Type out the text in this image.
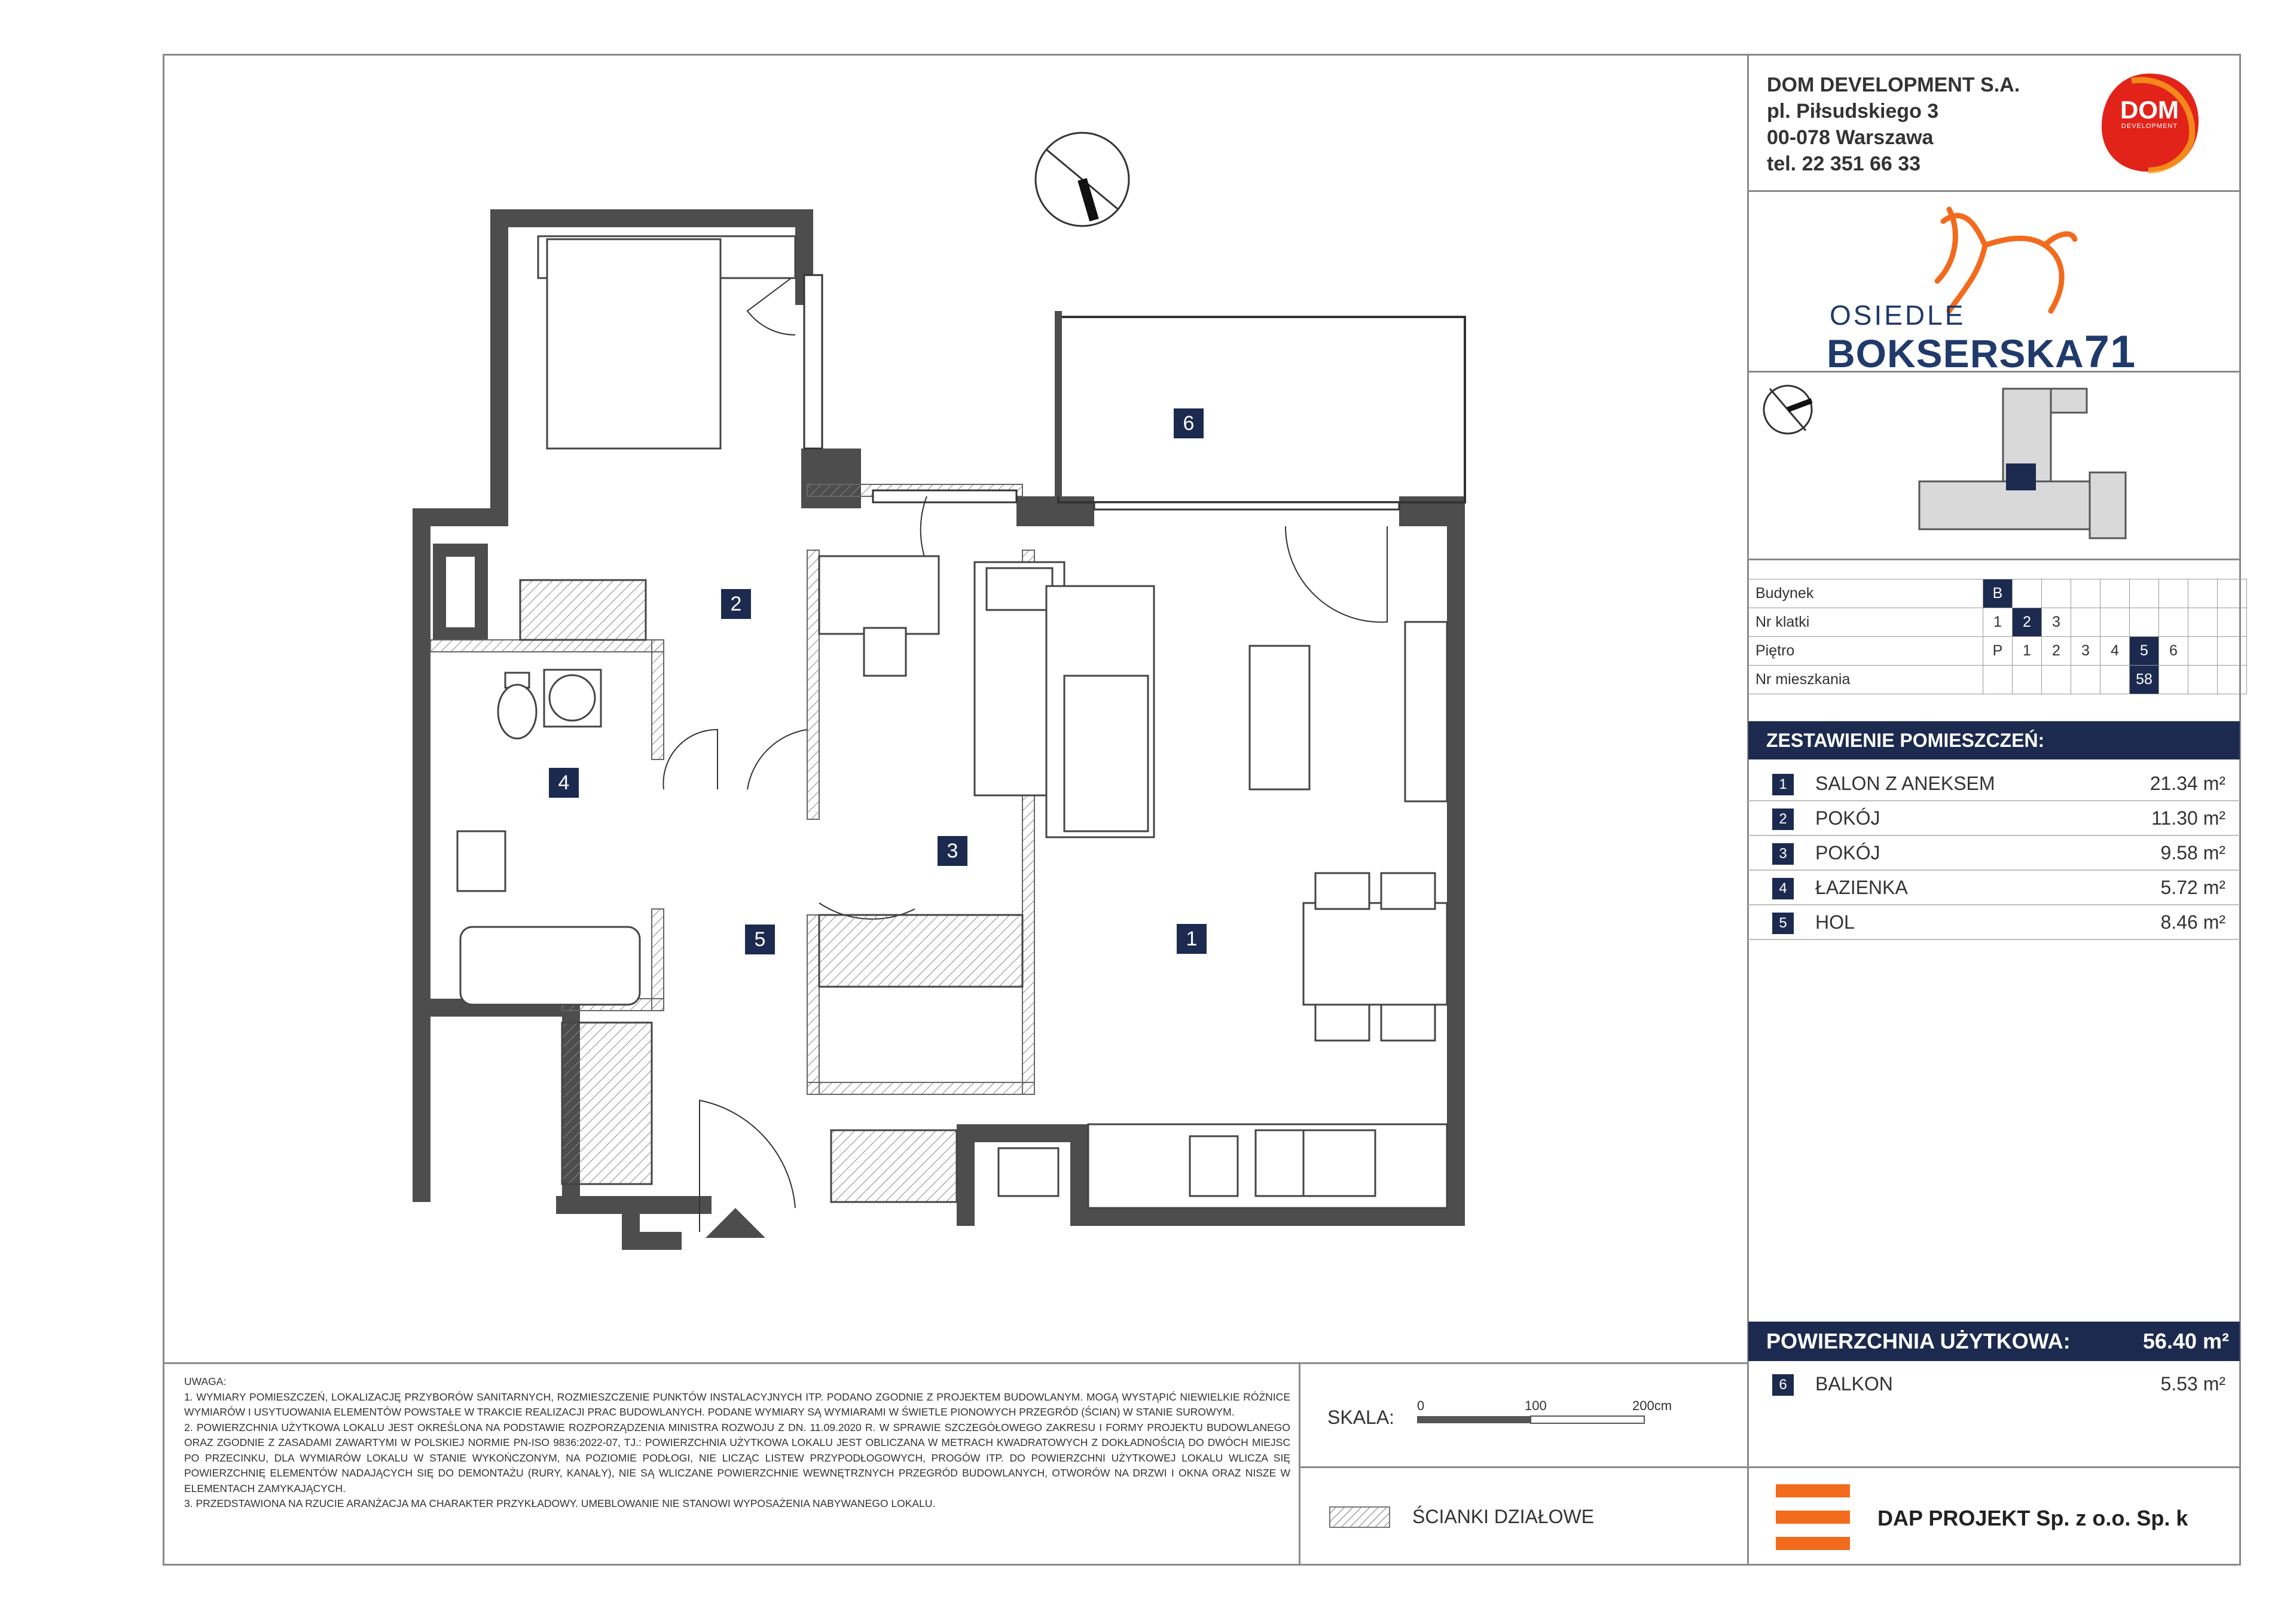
DOM DEVELOPMENT S.A.
pl. Piłsudskiego 3
00-078 Warszawa
tel. 22 351 66 33
DOM
DEVELOPMENT
OSIEDLE
BOKSERSKA71
Budynek	B								
Nr klatki	1	2	3						
Piętro	P	1	2	3	4	5	6		
Nr mieszkania						58			
ZESTAWIENIE POMIESZCZEŃ:
1	SALON Z ANEKSEM	21.34 m²
2	POKÓJ	11.30 m²
3	POKÓJ	9.58 m²
4	ŁAZIENKA	5.72 m²
5	HOL	8.46 m²
POWIERZCHNIA UŻYTKOWA:	56.40 m²
6	BALKON	5.53 m²
UWAGA:
1. WYMIARY POMIESZCZEŃ, LOKALIZACJĘ PRZYBORÓW SANITARNYCH, ROZMIESZCZENIE PUNKTÓW INSTALACYJNYCH ITP. PODANO ZGODNIE Z PROJEKTEM BUDOWLANYM. MOGĄ WYSTĄPIĆ NIEWIELKIE RÓŻNICE WYMIARÓW I USYTUOWANIA ELEMENTÓW POWSTAŁE W TRAKCIE REALIZACJI PRAC BUDOWLANYCH. PODANE WYMIARY SĄ WYMIARAMI W ŚWIETLE PIONOWYCH PRZEGRÓD (ŚCIAN) W STANIE SUROWYM.
2. POWIERZCHNIA UŻYTKOWA LOKALU JEST OKREŚLONA NA PODSTAWIE ROZPORZĄDZENIA MINISTRA ROZWOJU Z DN. 11.09.2020 R. W SPRAWIE SZCZEGÓŁOWEGO ZAKRESU I FORMY PROJEKTU BUDOWLANEGO ORAZ ZGODNIE Z ZASADAMI ZAWARTYMI W POLSKIEJ NORMIE PN-ISO 9836:2022-07, TJ.: POWIERZCHNIA UŻYTKOWA LOKALU JEST OBLICZANA W METRACH KWADRATOWYCH Z DOKŁADNOŚCIĄ DO DWÓCH MIEJSC PO PRZECINKU, DLA WYMIARÓW LOKALU W STANIE WYKOŃCZONYM, NA POZIOMIE PODŁOGI, NIE LICZĄC LISTEW PRZYPODŁOGOWYCH, PROGÓW ITP. DO POWIERZCHNI UŻYTKOWEJ LOKALU WLICZA SIĘ POWIERZCHNIĘ ELEMENTÓW NADAJĄCYCH SIĘ DO DEMONTAŻU (RURY, KANAŁY), NIE SĄ WLICZANE POWIERZCHNIE WEWNĘTRZNYCH PRZEGRÓD BUDOWLANYCH, OTWORÓW NA DRZWI I OKNA ORAZ NISZE W ELEMENTACH ZAMYKAJĄCYCH.
3. PRZEDSTAWIONA NA RZUCIE ARANŻACJA MA CHARAKTER PRZYKŁADOWY. UMEBLOWANIE NIE STANOWI WYPOSAŻENIA NABYWANEGO LOKALU.
SKALA:
0	100	200cm
ŚCIANKI DZIAŁOWE	DAP PROJEKT Sp. z o.o. Sp. k
1
2
3
4
5
6
